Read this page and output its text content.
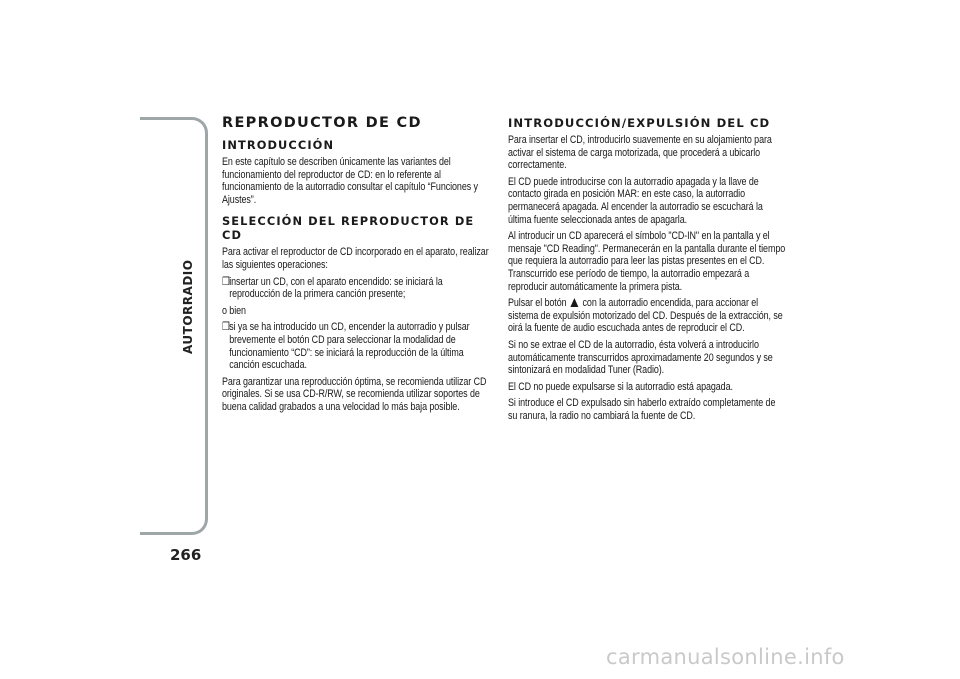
AUTORRADIO
266
REPRODUCTOR DE CD
INTRODUCCIÓN
En este capítulo se describen únicamente las variantes del funcionamiento del reproductor de CD: en lo referente al funcionamiento de la autorradio consultar el capítulo “Funciones y Ajustes”.
SELECCIÓN DEL REPRODUCTOR DE CD
Para activar el reproductor de CD incorporado en el aparato, realizar las siguientes operaciones:
❒ insertar un CD, con el aparato encendido: se iniciará la reproducción de la primera canción presente;
o bien
❒ si ya se ha introducido un CD, encender la autorradio y pulsar brevemente el botón CD para seleccionar la modalidad de funcionamiento “CD”: se iniciará la reproducción de la última canción escuchada.
Para garantizar una reproducción óptima, se recomienda utilizar CD originales. Si se usa CD-R/RW, se recomienda utilizar soportes de buena calidad grabados a una velocidad lo más baja posible.
INTRODUCCIÓN/EXPULSIÓN DEL CD
Para insertar el CD, introducirlo suavemente en su alojamiento para activar el sistema de carga motorizada, que procederá a ubicarlo correctamente.
El CD puede introducirse con la autorradio apagada y la llave de contacto girada en posición MAR: en este caso, la autorradio permanecerá apagada. Al encender la autorradio se escuchará la última fuente seleccionada antes de apagarla.
Al introducir un CD aparecerá el símbolo "CD-IN" en la pantalla y el mensaje "CD Reading". Permanecerán en la pantalla durante el tiempo que requiera la autorradio para leer las pistas presentes en el CD. Transcurrido ese período de tiempo, la autorradio empezará a reproducir automáticamente la primera pista.
Pulsar el botón con la autorradio encendida, para accionar el sistema de expulsión motorizado del CD. Después de la extracción, se oirá la fuente de audio escuchada antes de reproducir el CD.
Si no se extrae el CD de la autorradio, ésta volverá a introducirlo automáticamente transcurridos aproximadamente 20 segundos y se sintonizará en modalidad Tuner (Radio).
El CD no puede expulsarse si la autorradio está apagada.
Si introduce el CD expulsado sin haberlo extraído completamente de su ranura, la radio no cambiará la fuente de CD.
carmanualsonline.info
